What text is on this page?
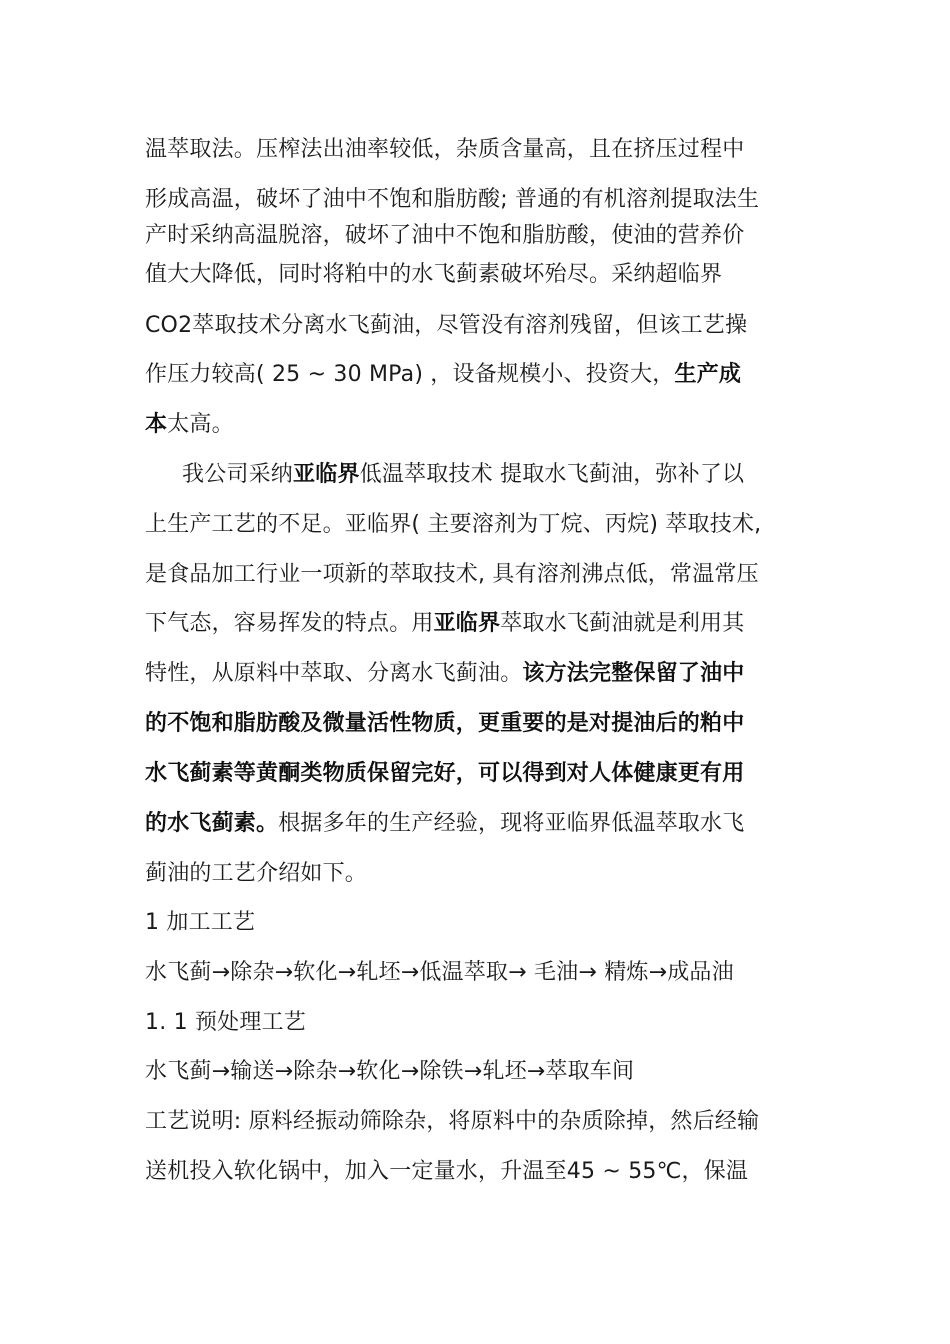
温萃取法。压榨法出油率较低，杂质含量高，且在挤压过程中
形成高温，破坏了油中不饱和脂肪酸; 普通的有机溶剂提取法生
产时采纳高温脱溶，破坏了油中不饱和脂肪酸，使油的营养价
值大大降低，同时将粕中的水飞蓟素破坏殆尽。采纳超临界
CO2萃取技术分离水飞蓟油，尽管没有溶剂残留，但该工艺操
作压力较高( 25 ~ 30 MPa) ，设备规模小、投资大，生产成
本太高。
我公司采纳亚临界低温萃取技术 提取水飞蓟油，弥补了以
上生产工艺的不足。亚临界( 主要溶剂为丁烷、丙烷) 萃取技术,
是食品加工行业一项新的萃取技术, 具有溶剂沸点低，常温常压
下气态，容易挥发的特点。用亚临界萃取水飞蓟油就是利用其
特性，从原料中萃取、分离水飞蓟油。该方法完整保留了油中
的不饱和脂肪酸及微量活性物质，更重要的是对提油后的粕中
水飞蓟素等黄酮类物质保留完好，可以得到对人体健康更有用
的水飞蓟素。根据多年的生产经验，现将亚临界低温萃取水飞
蓟油的工艺介绍如下。
1 加工工艺
水飞蓟→除杂→软化→轧坯→低温萃取→ 毛油→ 精炼→成品油
1. 1 预处理工艺
水飞蓟→输送→除杂→软化→除铁→轧坯→萃取车间
工艺说明: 原料经振动筛除杂，将原料中的杂质除掉，然后经输
送机投入软化锅中，加入一定量水，升温至45 ~ 55℃，保温
